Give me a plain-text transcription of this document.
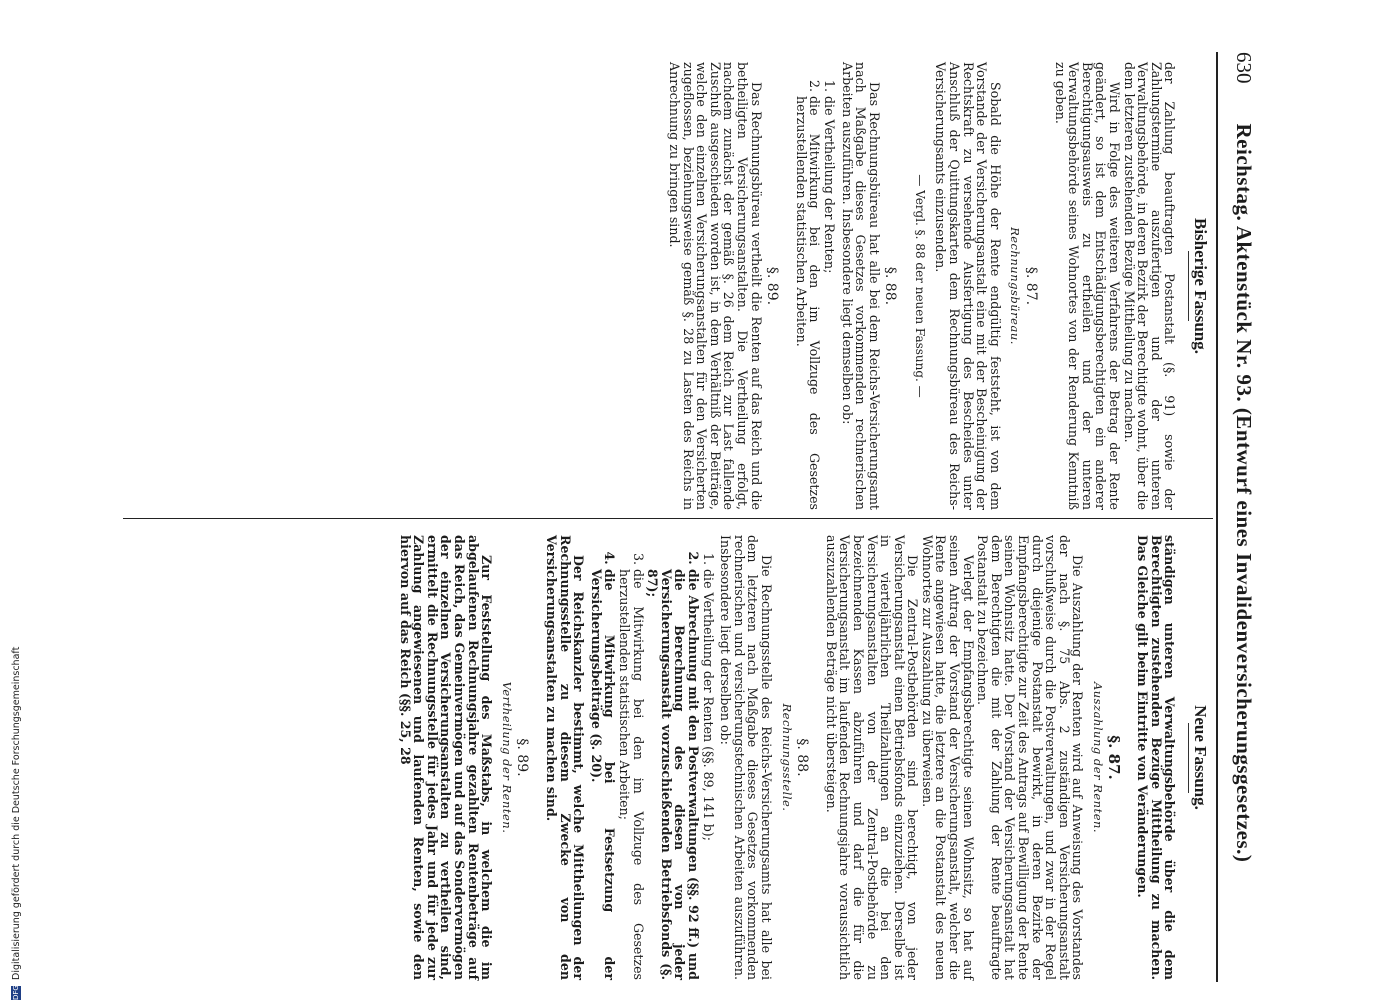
630
Reichstag. Aktenstück Nr. 93. (Entwurf eines Invalidenversicherungsgesetzes.)
Bisherige Fassung.

der Zahlung beauftragten Postanstalt (§. 91) sowie der Zahlungstermine auszufertigen und der unteren Verwaltungsbehörde, in deren Bezirk der Berechtigte wohnt, über die dem letzteren zustehenden Bezüge Mittheilung zu machen.

Wird in Folge des weiteren Verfahrens der Betrag der Rente geändert, so ist dem Entschädigungsberechtigten ein anderer Berechtigungsausweis zu ertheilen und der unteren Verwaltungsbehörde seines Wohnortes von der Renderung Kenntniß zu geben.

§. 87.
Rechnungsbüreau.

Sobald die Höhe der Rente endgültig feststeht, ist von dem Vorstande der Versicherungsanstalt eine mit der Bescheinigung der Rechtskraft zu versehende Ausfertigung des Bescheides unter Anschluß der Quittungskarten dem Rechnungsbüreau des Reichs-Versicherungsamts einzusenden.

— Vergl. §. 88 der neuen Fassung. —
§. 88.

Das Rechnungsbüreau hat alle bei dem Reichs-Versicherungsamt nach Maßgabe dieses Gesetzes vorkommenden rechnerischen Arbeiten auszuführen. Insbesondere liegt demselben ob:

1. die Vertheilung der Renten;
2. die Mitwirkung bei den im Vollzuge des Gesetzes herzustellenden statistischen Arbeiten.
§. 89.

Das Rechnungsbüreau vertheilt die Renten auf das Reich und die betheiligten Versicherungsanstalten. Die Vertheilung erfolgt, nachdem zunächst der gemäß §. 26 dem Reich zur Last fallende Zuschuß ausgeschieden worden ist, in dem Verhältniß der Beiträge, welche den einzelnen Versicherungsanstalten für den Versicherten zugeflossen, beziehungsweise gemäß §. 28 zu Lasten des Reichs in Anrechnung zu bringen sind.

Neue Fassung.

ständigen unteren Verwaltungsbehörde über die dem Berechtigten zustehenden Bezüge Mittheilung zu machen. Das Gleiche gilt beim Eintritte von Veränderungen.

§. 87.
Auszahlung der Renten.

Die Auszahlung der Renten wird auf Anweisung des Vorstandes der nach §. 75 Abs. 2 zuständigen Versicherungsanstalt vorschußweise durch die Postverwaltungen, und zwar in der Regel durch diejenige Postanstalt bewirkt, in deren Bezirke der Empfangsberechtigte zur Zeit des Antrags auf Bewilligung der Rente seinen Wohnsitz hatte. Der Vorstand der Versicherungsanstalt hat dem Berechtigten die mit der Zahlung der Rente beauftragte Postanstalt zu bezeichnen.

Verlegt der Empfangsberechtigte seinen Wohnsitz, so hat auf seinen Antrag der Vorstand der Versicherungsanstalt, welcher die Rente angewiesen hatte, die letztere an die Postanstalt des neuen Wohnortes zur Auszahlung zu überweisen.

Die Zentral-Postbehörden sind berechtigt, von jeder Versicherungsanstalt einen Betriebsfonds einzuziehen. Derselbe ist in vierteljährlichen Theilzahlungen an die bei den Versicherungsanstalten von der Zentral-Postbehörde zu bezeichnenden Kassen abzuführen und darf die für die Versicherungsanstalt im laufenden Rechnungsjahre voraussichtlich auszuzahlenden Beträge nicht übersteigen.

§. 88.
Rechnungsstelle.

Die Rechnungsstelle des Reichs-Versicherungsamts hat alle bei dem letzteren nach Maßgabe dieses Gesetzes vorkommenden rechnerischen und versicherungstechnischen Arbeiten auszuführen. Insbesondere liegt derselben ob:

1. die Vertheilung der Renten (§§. 89, 141 b);
2. die Abrechnung mit den Postverwaltungen (§§. 92 ff.) und die Berechnung des diesen von jeder Versicherungsanstalt vorzuschießenden Betriebsfonds (§. 87);
3. die Mitwirkung bei den im Vollzuge des Gesetzes herzustellenden statistischen Arbeiten;
4. die Mitwirkung bei Festsetzung der Versicherungsbeiträge (§. 20).

Der Reichskanzler bestimmt, welche Mittheilungen der Rechnungsstelle zu diesem Zwecke von den Versicherungsanstalten zu machen sind.

§. 89.
Vertheilung der Renten.

Zur Feststellung des Maßstabs, in welchem die im abgelaufenen Rechnungsjahre gezahlten Rentenbeträge auf das Reich, das Gemeinvermögen und auf das Sondervermögen der einzelnen Versicherungsanstalten zu vertheilen sind, ermittelt die Rechnungsstelle für jedes Jahr und für jede zur Zahlung angewiesenen und laufenden Renten, sowie den hiervon auf das Reich (§§. 25, 28

DFG
Digitalisierung gefördert durch die Deutsche Forschungsgemeinschaft
